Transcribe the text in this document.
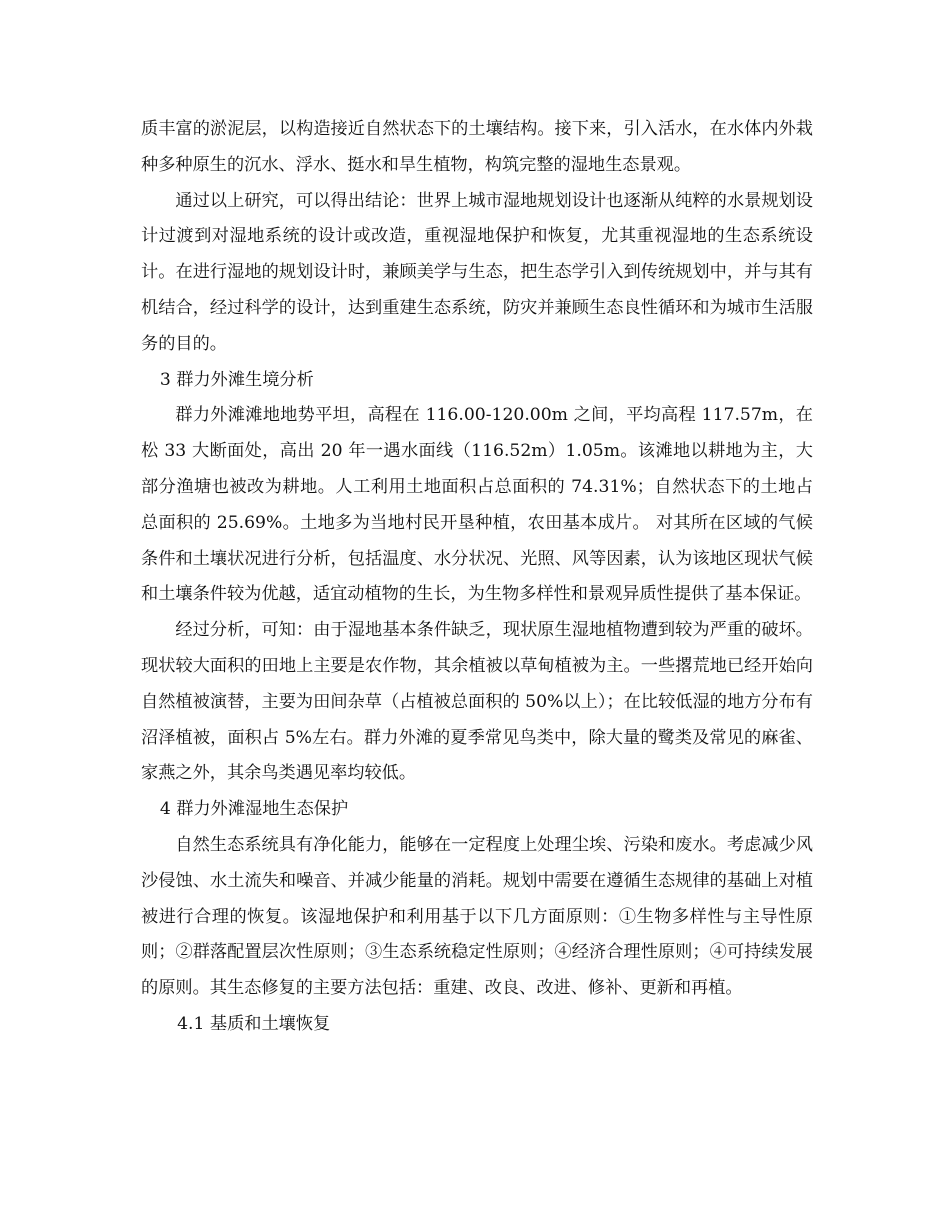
质丰富的淤泥层，以构造接近自然状态下的土壤结构。接下来，引入活水，在水体内外栽种多种原生的沉水、浮水、挺水和旱生植物，构筑完整的湿地生态景观。

通过以上研究，可以得出结论：世界上城市湿地规划设计也逐渐从纯粹的水景规划设计过渡到对湿地系统的设计或改造，重视湿地保护和恢复，尤其重视湿地的生态系统设计。在进行湿地的规划设计时，兼顾美学与生态，把生态学引入到传统规划中，并与其有机结合，经过科学的设计，达到重建生态系统，防灾并兼顾生态良性循环和为城市生活服务的目的。

3 群力外滩生境分析

群力外滩滩地地势平坦，高程在 116.00-120.00m 之间，平均高程 117.57m，在松 33 大断面处，高出 20 年一遇水面线（116.52m）1.05m。该滩地以耕地为主，大部分渔塘也被改为耕地。人工利用土地面积占总面积的 74.31%；自然状态下的土地占总面积的 25.69%。土地多为当地村民开垦种植，农田基本成片。 对其所在区域的气候条件和土壤状况进行分析，包括温度、水分状况、光照、风等因素，认为该地区现状气候和土壤条件较为优越，适宜动植物的生长，为生物多样性和景观异质性提供了基本保证。

经过分析，可知：由于湿地基本条件缺乏，现状原生湿地植物遭到较为严重的破坏。现状较大面积的田地上主要是农作物，其余植被以草甸植被为主。一些撂荒地已经开始向自然植被演替，主要为田间杂草（占植被总面积的 50%以上）；在比较低湿的地方分布有沼泽植被，面积占 5%左右。群力外滩的夏季常见鸟类中，除大量的鹭类及常见的麻雀、家燕之外，其余鸟类遇见率均较低。

4 群力外滩湿地生态保护

自然生态系统具有净化能力，能够在一定程度上处理尘埃、污染和废水。考虑减少风沙侵蚀、水土流失和噪音、并减少能量的消耗。规划中需要在遵循生态规律的基础上对植被进行合理的恢复。该湿地保护和利用基于以下几方面原则：①生物多样性与主导性原则；②群落配置层次性原则；③生态系统稳定性原则；④经济合理性原则；④可持续发展的原则。其生态修复的主要方法包括：重建、改良、改进、修补、更新和再植。

4.1 基质和土壤恢复
